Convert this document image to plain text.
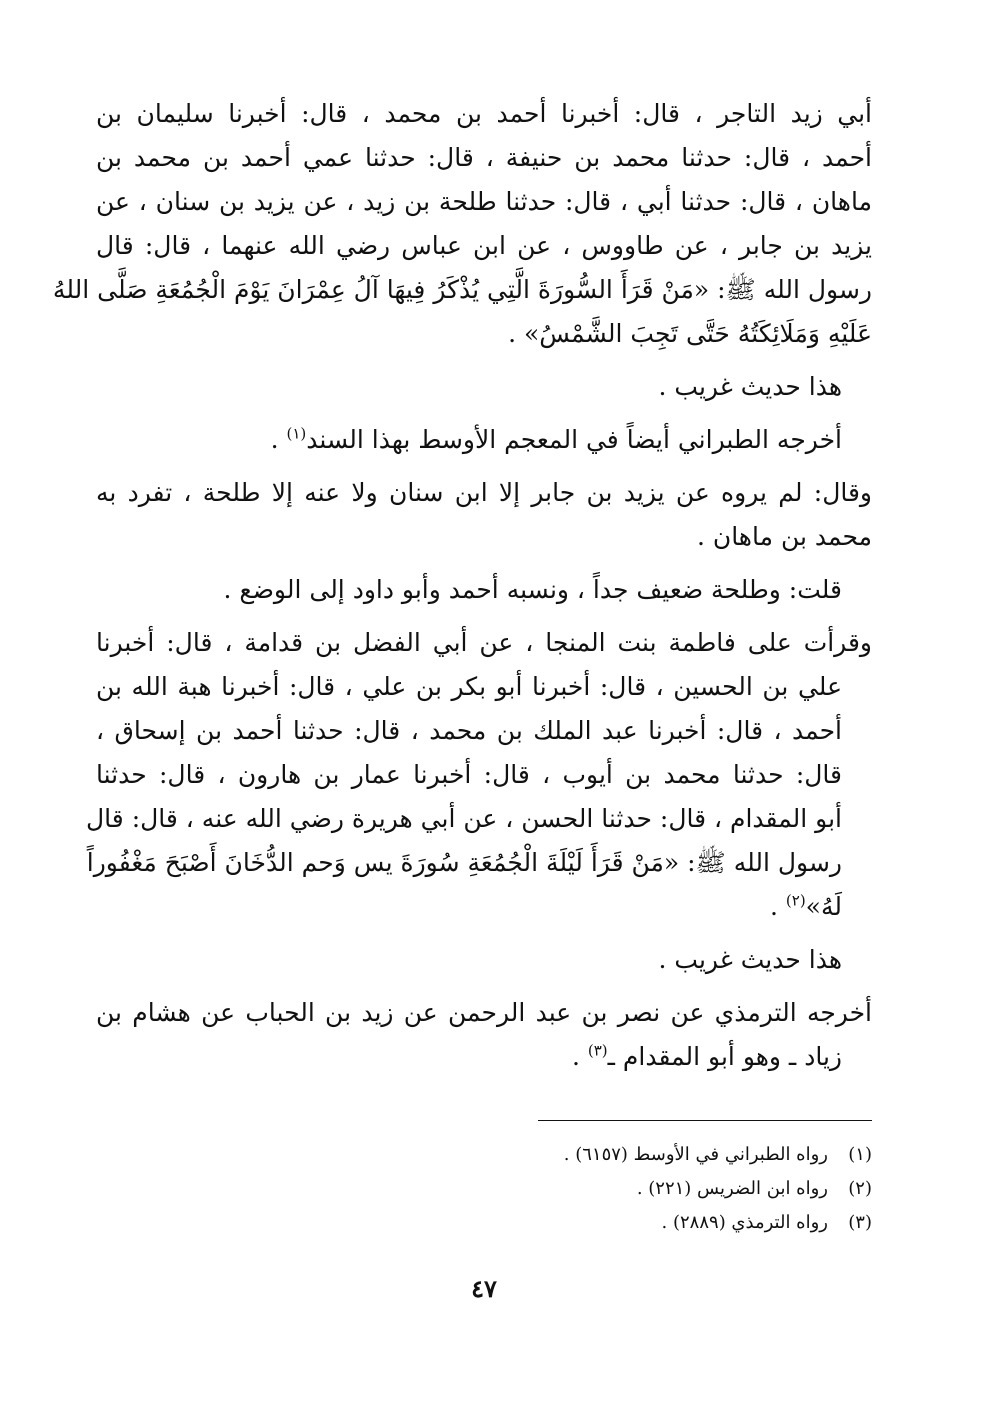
أبي زيد التاجر ، قال: أخبرنا أحمد بن محمد ، قال: أخبرنا سليمان بن
أحمد ، قال: حدثنا محمد بن حنيفة ، قال: حدثنا عمي أحمد بن محمد بن
ماهان ، قال: حدثنا أبي ، قال: حدثنا طلحة بن زيد ، عن يزيد بن سنان ، عن
يزيد بن جابر ، عن طاووس ، عن ابن عباس رضي الله عنهما ، قال: قال
رسول الله ﷺ: «مَنْ قَرَأَ السُّورَةَ الَّتِي يُذْكَرُ فِيهَا آلُ عِمْرَانَ يَوْمَ الْجُمُعَةِ صَلَّى اللهُ
عَلَيْهِ وَمَلَائِكَتُهُ حَتَّى تَجِبَ الشَّمْسُ» .

هذا حديث غريب .

أخرجه الطبراني أيضاً في المعجم الأوسط بهذا السند$^{(١)}$ .

وقال: لم يروه عن يزيد بن جابر إلا ابن سنان ولا عنه إلا طلحة ، تفرد به
محمد بن ماهان .

قلت: وطلحة ضعيف جداً ، ونسبه أحمد وأبو داود إلى الوضع .

وقرأت على فاطمة بنت المنجا ، عن أبي الفضل بن قدامة ، قال: أخبرنا
علي بن الحسين ، قال: أخبرنا أبو بكر بن علي ، قال: أخبرنا هبة الله بن
أحمد ، قال: أخبرنا عبد الملك بن محمد ، قال: حدثنا أحمد بن إسحاق ،
قال: حدثنا محمد بن أيوب ، قال: أخبرنا عمار بن هارون ، قال: حدثنا
أبو المقدام ، قال: حدثنا الحسن ، عن أبي هريرة رضي الله عنه ، قال: قال
رسول الله ﷺ: «مَنْ قَرَأَ لَيْلَةَ الْجُمُعَةِ سُورَةَ يس وَحم الدُّخَانَ أَصْبَحَ مَغْفُوراً
لَهُ»$^{(٢)}$ .

هذا حديث غريب .

أخرجه الترمذي عن نصر بن عبد الرحمن عن زيد بن الحباب عن هشام بن
زياد ـ وهو أبو المقدام ـ$^{(٣)}$ .

(١)رواه الطبراني في الأوسط (٦١٥٧) .
(٢)رواه ابن الضريس (٢٢١) .
(٣)رواه الترمذي (٢٨٨٩) .
٤٧
